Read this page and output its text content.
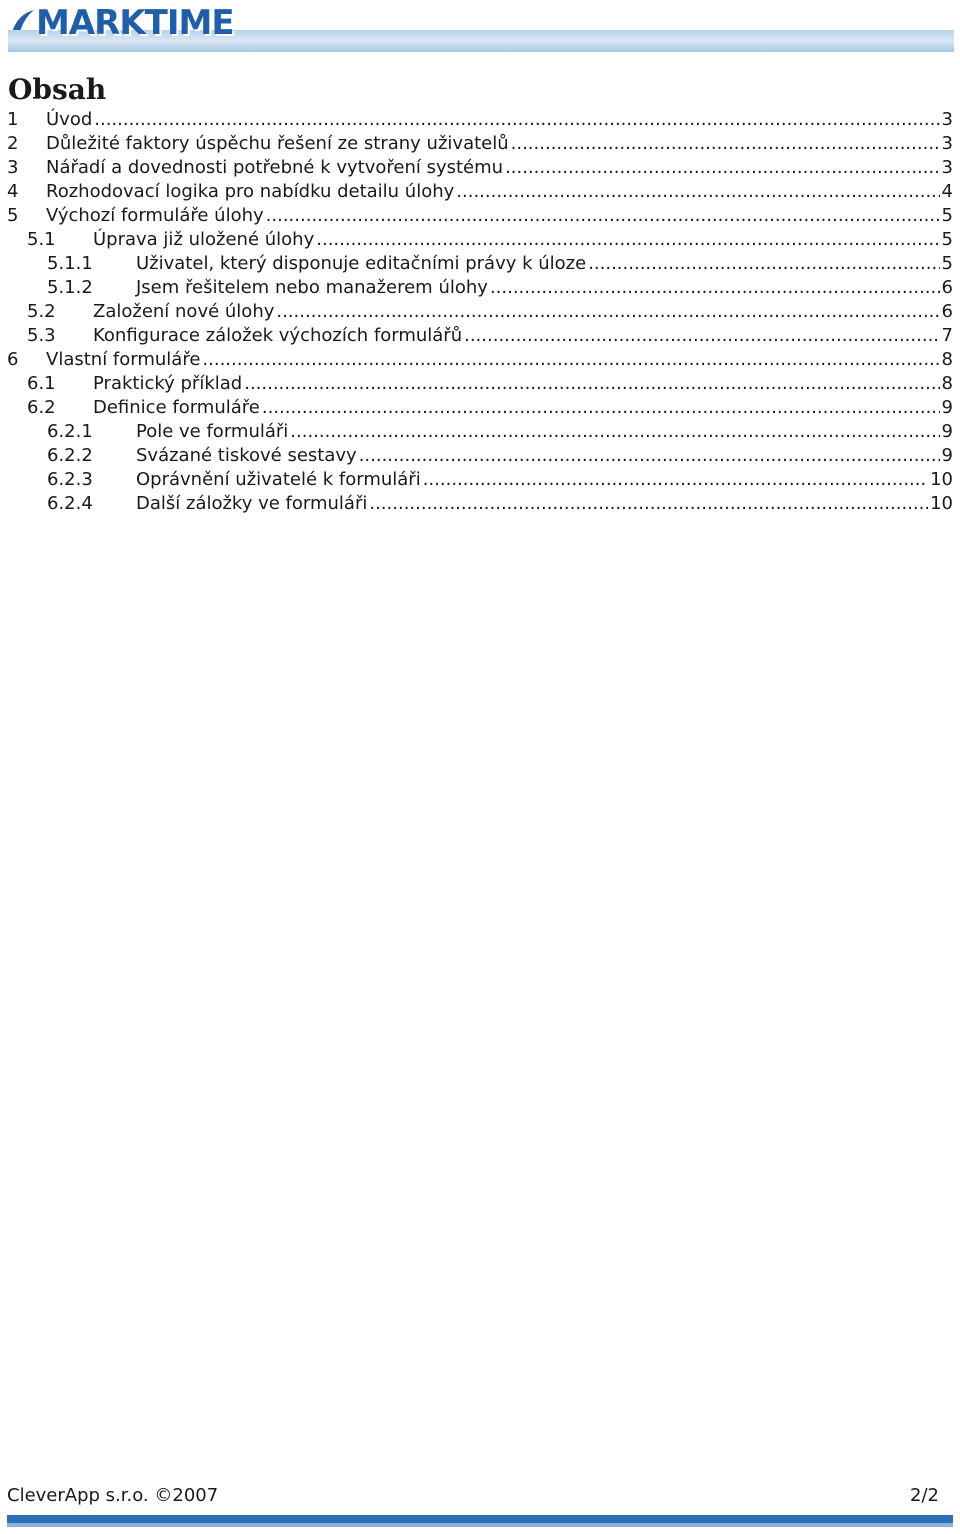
MARKTIME
Obsah
1 Úvod .....	3
2 Důležité faktory úspěchu řešení ze strany uživatelů .....	3
3 Nářadí a dovednosti potřebné k vytvoření systému .....	3
4 Rozhodovací logika pro nabídku detailu úlohy .....	4
5 Výchozí formuláře úlohy .....	5
5.1 Úprava již uložené úlohy .....	5
5.1.1 Uživatel, který disponuje editačními právy k úloze .....	5
5.1.2 Jsem řešitelem nebo manažerem úlohy .....	6
5.2 Založení nové úlohy .....	6
5.3 Konfigurace záložek výchozích formulářů .....	7
6 Vlastní formuláře .....	8
6.1 Praktický příklad .....	8
6.2 Definice formuláře .....	9
6.2.1 Pole ve formuláři .....	9
6.2.2 Svázané tiskové sestavy .....	9
6.2.3 Oprávnění uživatelé k formuláři .....	10
6.2.4 Další záložky ve formuláři .....	10
CleverApp s.r.o. ©2007	2/2
